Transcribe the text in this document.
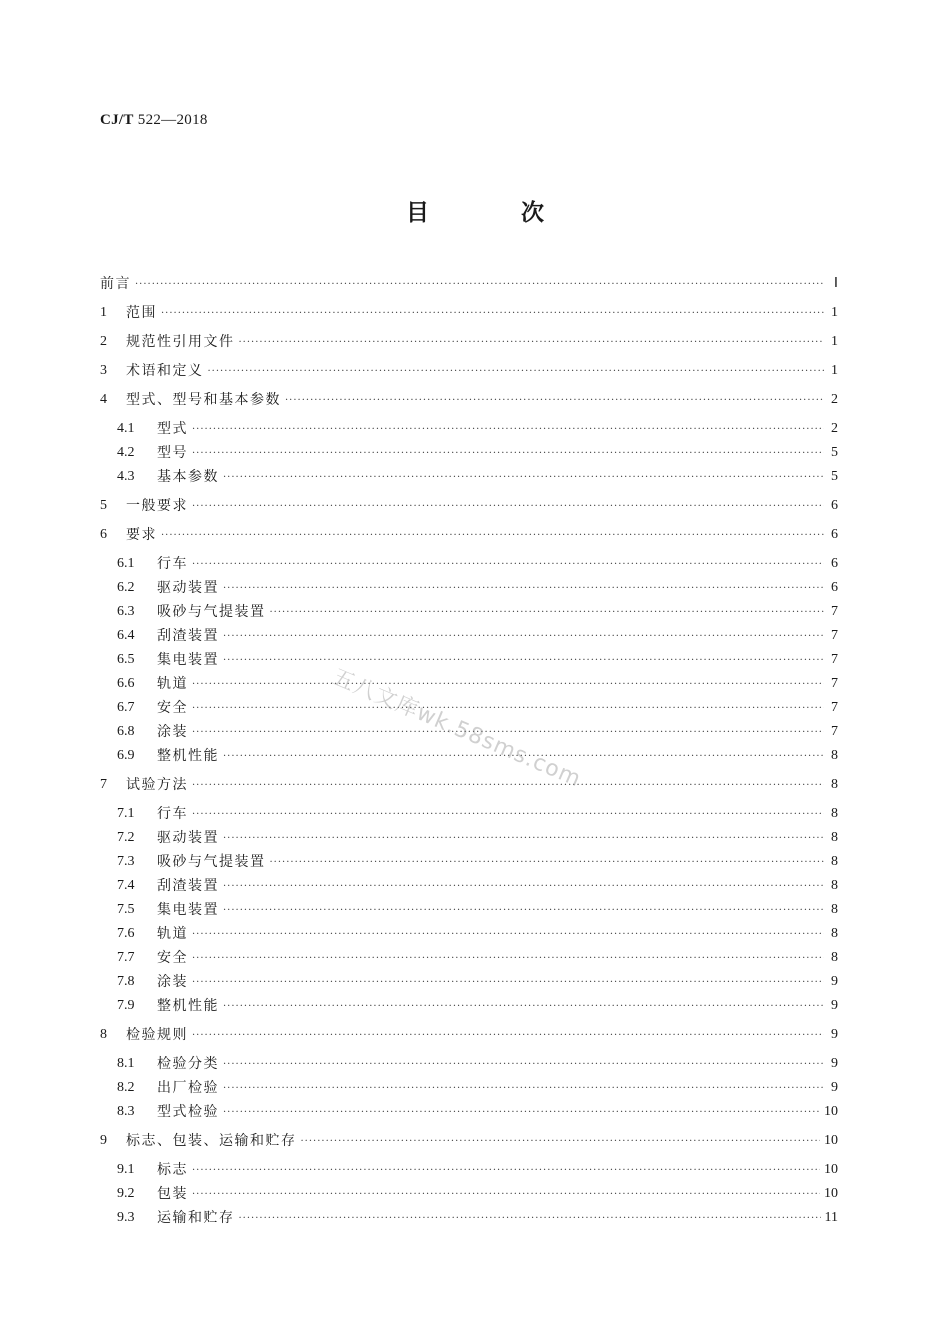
CJ/T 522—2018
目 次
前言 ·····	Ⅰ
1	范围 ·····	1
2	规范性引用文件 ·····	1
3	术语和定义 ·····	1
4	型式、型号和基本参数 ·····	2
4.1	型式 ·····	2
4.2	型号 ·····	5
4.3	基本参数 ·····	5
5	一般要求 ·····	6
6	要求 ·····	6
6.1	行车 ·····	6
6.2	驱动装置 ·····	6
6.3	吸砂与气提装置 ·····	7
6.4	刮渣装置 ·····	7
6.5	集电装置 ·····	7
6.6	轨道 ·····	7
6.7	安全 ·····	7
6.8	涂装 ·····	7
6.9	整机性能 ·····	8
7	试验方法 ·····	8
7.1	行车 ·····	8
7.2	驱动装置 ·····	8
7.3	吸砂与气提装置 ·····	8
7.4	刮渣装置 ·····	8
7.5	集电装置 ·····	8
7.6	轨道 ·····	8
7.7	安全 ·····	8
7.8	涂装 ·····	9
7.9	整机性能 ·····	9
8	检验规则 ·····	9
8.1	检验分类 ·····	9
8.2	出厂检验 ·····	9
8.3	型式检验 ·····	10
9	标志、包装、运输和贮存 ·····	10
9.1	标志 ·····	10
9.2	包装 ·····	10
9.3	运输和贮存 ·····	11
五八文库wk.58sms.com
